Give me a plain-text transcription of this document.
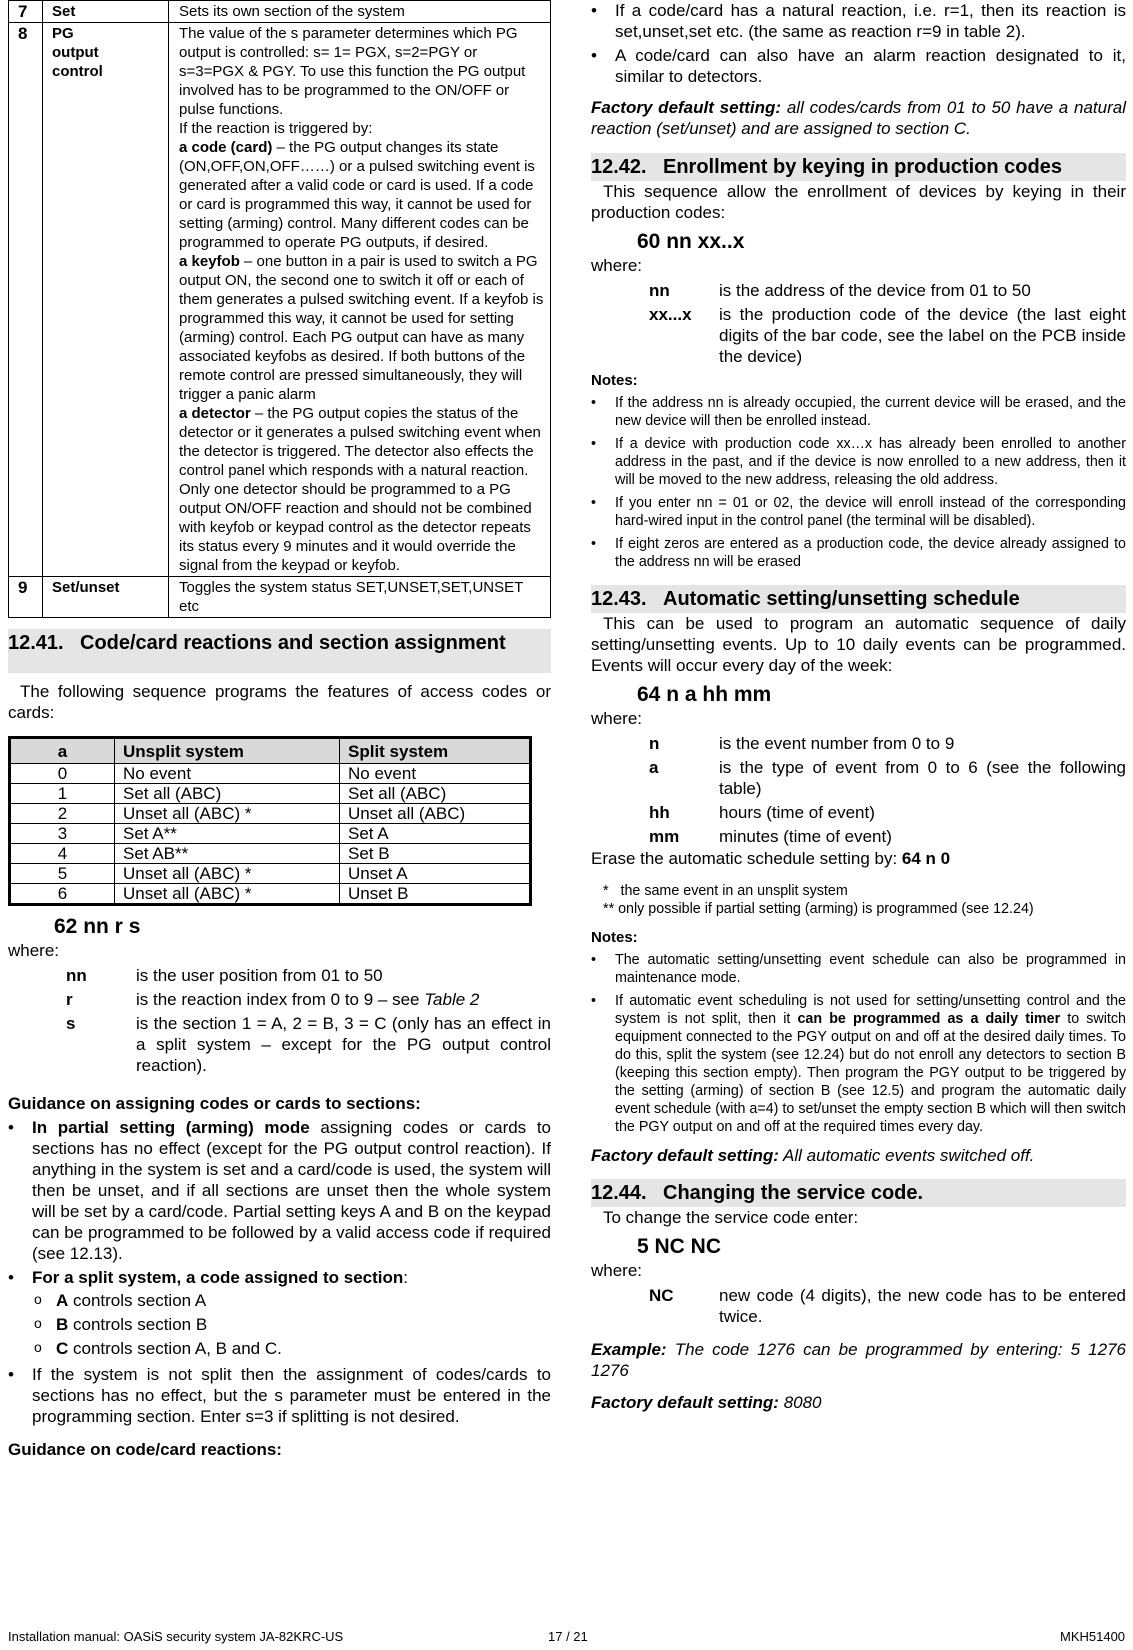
7	Set	Sets its own section of the system
8	PG output control	The value of the s parameter determines which PG output is controlled: s= 1= PGX, s=2=PGY or s=3=PGX & PGY. To use this function the PG output involved has to be programmed to the ON/OFF or pulse functions.
If the reaction is triggered by:
a code (card) – the PG output changes its state (ON,OFF,ON,OFF……) or a pulsed switching event is generated after a valid code or card is used. If a code or card is programmed this way, it cannot be used for setting (arming) control. Many different codes can be programmed to operate PG outputs, if desired.
a keyfob – one button in a pair is used to switch a PG output ON, the second one to switch it off or each of them generates a pulsed switching event. If a keyfob is programmed this way, it cannot be used for setting (arming) control. Each PG output can have as many associated keyfobs as desired. If both buttons of the remote control are pressed simultaneously, they will trigger a panic alarm
a detector – the PG output copies the status of the detector or it generates a pulsed switching event when the detector is triggered. The detector also effects the control panel which responds with a natural reaction. Only one detector should be programmed to a PG output ON/OFF reaction and should not be combined with keyfob or keypad control as the detector repeats its status every 9 minutes and it would override the signal from the keypad or keyfob.

9	Set/unset	Toggles the system status SET,UNSET,SET,UNSET etc
12.41. Code/card reactions and section assignment

The following sequence programs the features of access codes or cards:

a	Unsplit system	Split system
0	No event	No event
1	Set all (ABC)	Set all (ABC)
2	Unset all (ABC) *	Unset all (ABC)
3	Set A**	Set A
4	Set AB**	Set B
5	Unset all (ABC) *	Unset A
6	Unset all (ABC) *	Unset B
62 nn r s

where:

nn	is the user position from 01 to 50
r	is the reaction index from 0 to 9 – see Table 2
s	is the section 1 = A, 2 = B, 3 = C (only has an effect in a split system – except for the PG output control reaction).

Guidance on assigning codes or cards to sections:

• In partial setting (arming) mode assigning codes or cards to sections has no effect (except for the PG output control reaction). If anything in the system is set and a card/code is used, the system will then be unset, and if all sections are unset then the whole system will be set by a card/code. Partial setting keys A and B on the keypad can be programmed to be followed by a valid access code if required (see 12.13).
• For a split system, a code assigned to section:
o A controls section A
o B controls section B
o C controls section A, B and C.
• If the system is not split then the assignment of codes/cards to sections has no effect, but the s parameter must be entered in the programming section. Enter s=3 if splitting is not desired.

Guidance on code/card reactions:

• If a code/card has a natural reaction, i.e. r=1, then its reaction is set,unset,set etc. (the same as reaction r=9 in table 2).
• A code/card can also have an alarm reaction designated to it, similar to detectors.

Factory default setting: all codes/cards from 01 to 50 have a natural reaction (set/unset) and are assigned to section C.

12.42. Enrollment by keying in production codes

This sequence allow the enrollment of devices by keying in their production codes:

60 nn xx..x

where:

nn	is the address of the device from 01 to 50
xx...x	is the production code of the device (the last eight digits of the bar code, see the label on the PCB inside the device)

Notes:

• If the address nn is already occupied, the current device will be erased, and the new device will then be enrolled instead.
• If a device with production code xx…x has already been enrolled to another address in the past, and if the device is now enrolled to a new address, then it will be moved to the new address, releasing the old address.
• If you enter nn = 01 or 02, the device will enroll instead of the corresponding hard-wired input in the control panel (the terminal will be disabled).
• If eight zeros are entered as a production code, the device already assigned to the address nn will be erased
12.43. Automatic setting/unsetting schedule

This can be used to program an automatic sequence of daily setting/unsetting events. Up to 10 daily events can be programmed. Events will occur every day of the week:

64 n a hh mm

where:

n	is the event number from 0 to 9
a	is the type of event from 0 to 6 (see the following table)
hh	hours (time of event)
mm	minutes (time of event)

Erase the automatic schedule setting by: 64 n 0

*   the same event in an unsplit system

** only possible if partial setting (arming) is programmed (see 12.24)

Notes:

• The automatic setting/unsetting event schedule can also be programmed in maintenance mode.
• If automatic event scheduling is not used for setting/unsetting control and the system is not split, then it can be programmed as a daily timer to switch equipment connected to the PGY output on and off at the desired daily times. To do this, split the system (see 12.24) but do not enroll any detectors to section B (keeping this section empty). Then program the PGY output to be triggered by the setting (arming) of section B (see 12.5) and program the automatic daily event schedule (with a=4) to set/unset the empty section B which will then switch the PGY output on and off at the required times every day.

Factory default setting: All automatic events switched off.

12.44. Changing the service code.

To change the service code enter:

5 NC NC

where:

NC	new code (4 digits), the new code has to be entered twice.

Example: The code 1276 can be programmed by entering: 5 1276 1276

Factory default setting: 8080

Installation manual: OASiS security system JA-82KRC-US	17 / 21	MKH51400
